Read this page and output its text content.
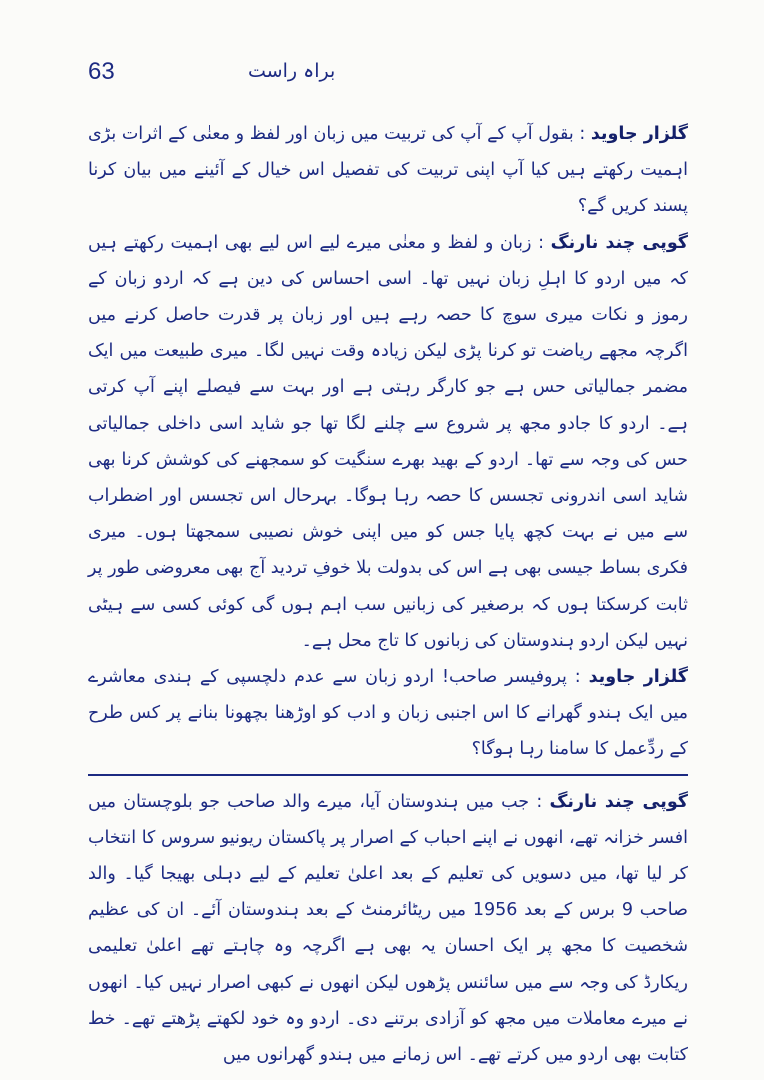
63	براہ راست

گلزار جاوید : بقول آپ کے آپ کی تربیت میں زبان اور لفظ و معنٰی کے اثرات بڑی اہمیت رکھتے ہیں کیا آپ اپنی تربیت کی تفصیل اس خیال کے آئینے میں بیان کرنا پسند کریں گے؟

گوپی چند نارنگ : زبان و لفظ و معنٰی میرے لیے اس لیے بھی اہمیت رکھتے ہیں کہ میں اردو کا اہلِ زبان نہیں تھا۔ اسی احساس کی دین ہے کہ اردو زبان کے رموز و نکات میری سوچ کا حصہ رہے ہیں اور زبان پر قدرت حاصل کرنے میں اگرچہ مجھے ریاضت تو کرنا پڑی لیکن زیادہ وقت نہیں لگا۔ میری طبیعت میں ایک مضمر جمالیاتی حس ہے جو کارگر رہتی ہے اور بہت سے فیصلے اپنے آپ کرتی ہے۔ اردو کا جادو مجھ پر شروع سے چلنے لگا تھا جو شاید اسی داخلی جمالیاتی حس کی وجہ سے تھا۔ اردو کے بھید بھرے سنگیت کو سمجھنے کی کوشش کرنا بھی شاید اسی اندرونی تجسس کا حصہ رہا ہوگا۔ بہرحال اس تجسس اور اضطراب سے میں نے بہت کچھ پایا جس کو میں اپنی خوش نصیبی سمجھتا ہوں۔ میری فکری بساط جیسی بھی ہے اس کی بدولت بلا خوفِ تردید آج بھی معروضی طور پر ثابت کرسکتا ہوں کہ برصغیر کی زبانیں سب اہم ہوں گی کوئی کسی سے ہیٹی نہیں لیکن اردو ہندوستان کی زبانوں کا تاج محل ہے۔

گلزار جاوید : پروفیسر صاحب! اردو زبان سے عدم دلچسپی کے ہندی معاشرے میں ایک ہندو گھرانے کا اس اجنبی زبان و ادب کو اوڑھنا بچھونا بنانے پر کس طرح کے ردِّعمل کا سامنا رہا ہوگا؟

گوپی چند نارنگ : جب میں ہندوستان آیا، میرے والد صاحب جو بلوچستان میں افسر خزانہ تھے، انھوں نے اپنے احباب کے اصرار پر پاکستان ریونیو سروس کا انتخاب کر لیا تھا، میں دسویں کی تعلیم کے بعد اعلیٰ تعلیم کے لیے دہلی بھیجا گیا۔ والد صاحب 9 برس کے بعد 1956 میں ریٹائرمنٹ کے بعد ہندوستان آئے۔ ان کی عظیم شخصیت کا مجھ پر ایک احسان یہ بھی ہے اگرچہ وہ چاہتے تھے اعلیٰ تعلیمی ریکارڈ کی وجہ سے میں سائنس پڑھوں لیکن انھوں نے کبھی اصرار نہیں کیا۔ انھوں نے میرے معاملات میں مجھ کو آزادی برتنے دی۔ اردو وہ خود لکھتے پڑھتے تھے۔ خط کتابت بھی اردو میں کرتے تھے۔ اس زمانے میں ہندو گھرانوں میں
